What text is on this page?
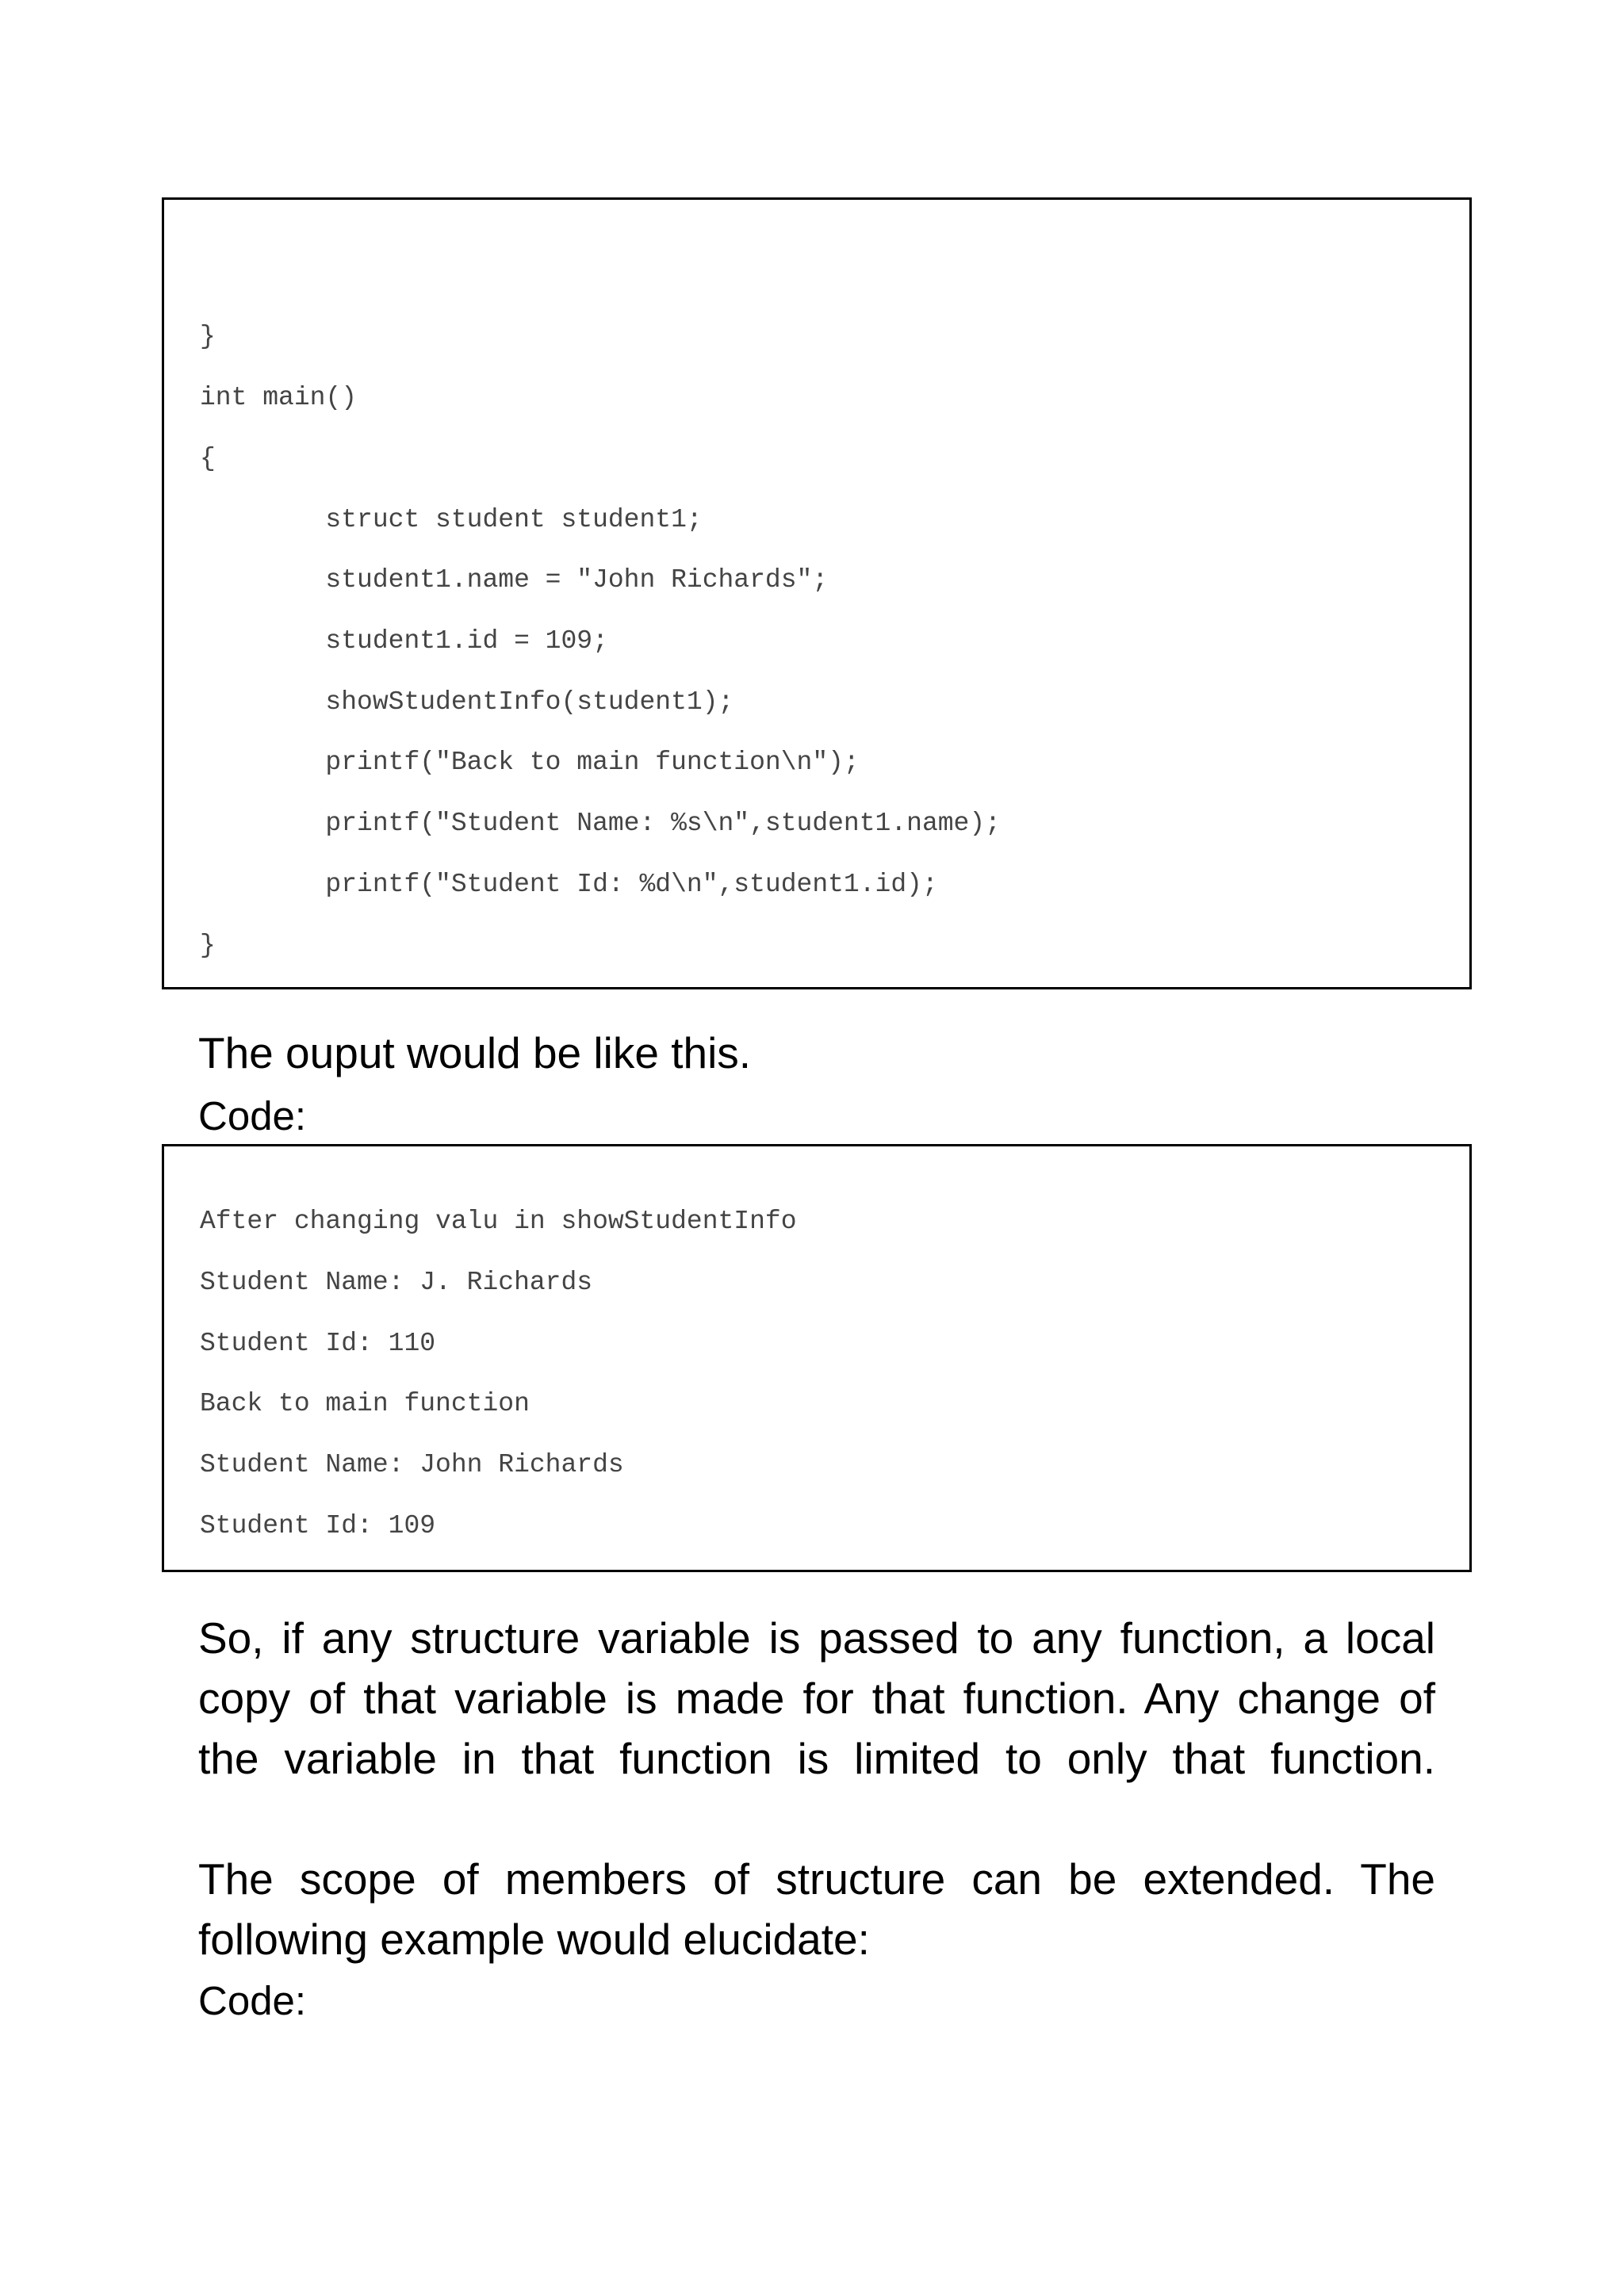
}

int main()

{

struct student student1;

student1.name = "John Richards";

student1.id = 109;

showStudentInfo(student1);

printf("Back to main function\n");

printf("Student Name: %s\n",student1.name);

printf("Student Id: %d\n",student1.id);

}

The ouput would be like this.

Code:

After changing valu in showStudentInfo

Student Name: J. Richards

Student Id: 110

Back to main function

Student Name: John Richards

Student Id: 109

So, if any structure variable is passed to any function, a local

copy of that variable is made for that function. Any change of

the variable in that function is limited to only that function.

The scope of members of structure can be extended. The

following example would elucidate:

Code:
